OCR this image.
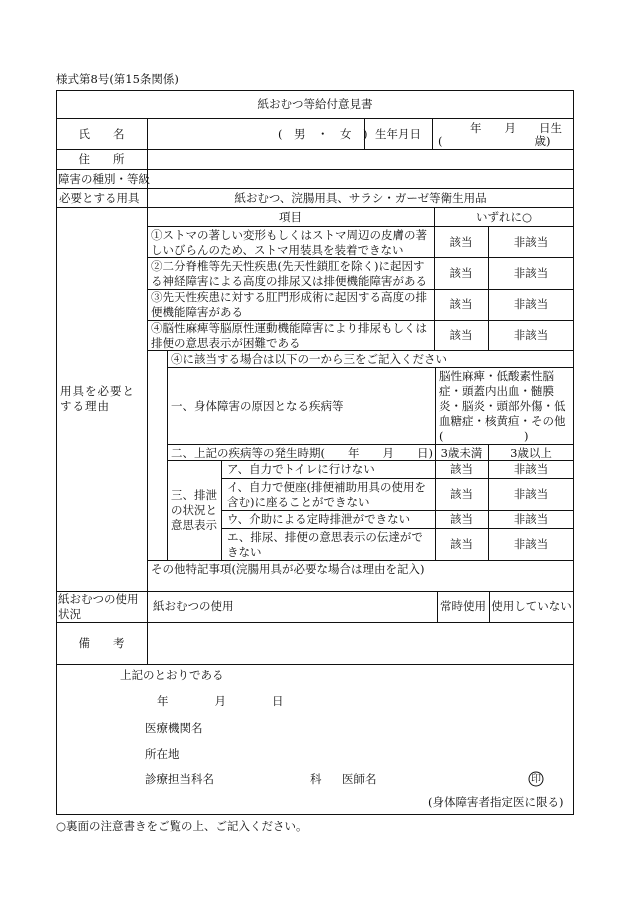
様式第8号(第15条関係)
紙おむつ等給付意見書
氏　　名	(　男　・　女　) 生年月日	年　　月　　日生
(　　　　　　　　歳)
住　　所
障害の種別・等級
必要とする用具	紙おむつ、浣腸用具、サラシ・ガーゼ等衛生用品
用具を必要とする理由
項目	いずれに○
①ストマの著しい変形もしくはストマ周辺の皮膚の著しいびらんのため、ストマ用装具を装着できない
該当	非該当
②二分脊椎等先天性疾患(先天性鎖肛を除く)に起因する神経障害による高度の排尿又は排便機能障害がある
該当	非該当
③先天性疾患に対する肛門形成術に起因する高度の排便機能障害がある
該当	非該当
④脳性麻痺等脳原性運動機能障害により排尿もしくは排便の意思表示が困難である
該当	非該当
④に該当する場合は以下の一から三をご記入ください
一、身体障害の原因となる疾病等
脳性麻痺・低酸素性脳症・頭蓋内出血・髄膜炎・脳炎・頭部外傷・低血糖症・核黄疸・その他
(　　　　　　　)
二、上記の疾病等の発生時期(　　年　　月　　日) 3歳未満	3歳以上
三、排泄の状況と意思表示
ア、自力でトイレに行けない	該当	非該当
イ、自力で便座(排便補助用具の使用を含む)に座ることができない
該当	非該当
ウ、介助による定時排泄ができない	該当	非該当
エ、排尿、排便の意思表示の伝達ができない
該当	非該当
その他特記事項(浣腸用具が必要な場合は理由を記入)
紙おむつの使用状況
紙おむつの使用	常時使用 使用していない
備　　考
上記のとおりである
年　　　　月　　　　日
医療機関名
所在地
診療担当科名	科 医師名	印
(身体障害者指定医に限る)
○裏面の注意書きをご覧の上、ご記入ください。
